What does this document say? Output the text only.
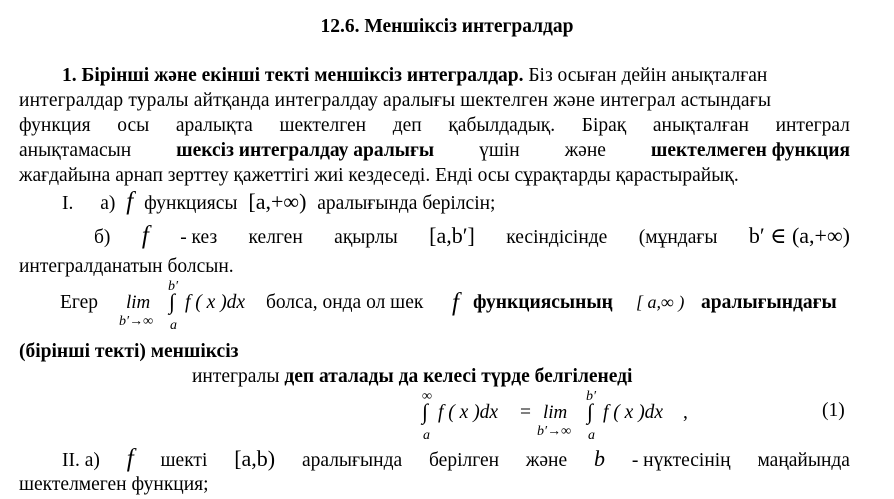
12.6. Меншіксіз интегралдар
1. Бірінші және екінші текті меншіксіз интегралдар. Біз осыған дейін анықталған
интегралдар туралы айтқанда интегралдау аралығы шектелген және интеграл астындағы
функция осы аралықта шектелген деп қабылдадық. Бірақ анықталған интеграл
анықтамасын шексіз интегралдау аралығы үшін және шектелмеген функция
жағдайына арнап зерттеу қажеттігі жиі кездеседі. Енді осы сұрақтарды қарастырайық.
I. а) f функциясы [a,+∞) аралығында берілсін;
б) f - кез келген ақырлы [a,b′] кесіндісінде (мұндағы b′ ∈ (a,+∞)
интегралданатын болсын.
Егер lim
b′→∞
b′
∫
a
f ( x )dx болса, онда ол шек f функциясының [ a,∞ ) аралығындағы
(бірінші текті) меншіксіз
интегралы деп аталады да келесі түрде белгіленеді
∞
∫
a
f ( x )dx = lim
b′→∞
b′
∫
a
f ( x )dx ,	(1)
II. а) f шекті [a,b) аралығында берілген және b - нүктесінің маңайында
шектелмеген функция;
